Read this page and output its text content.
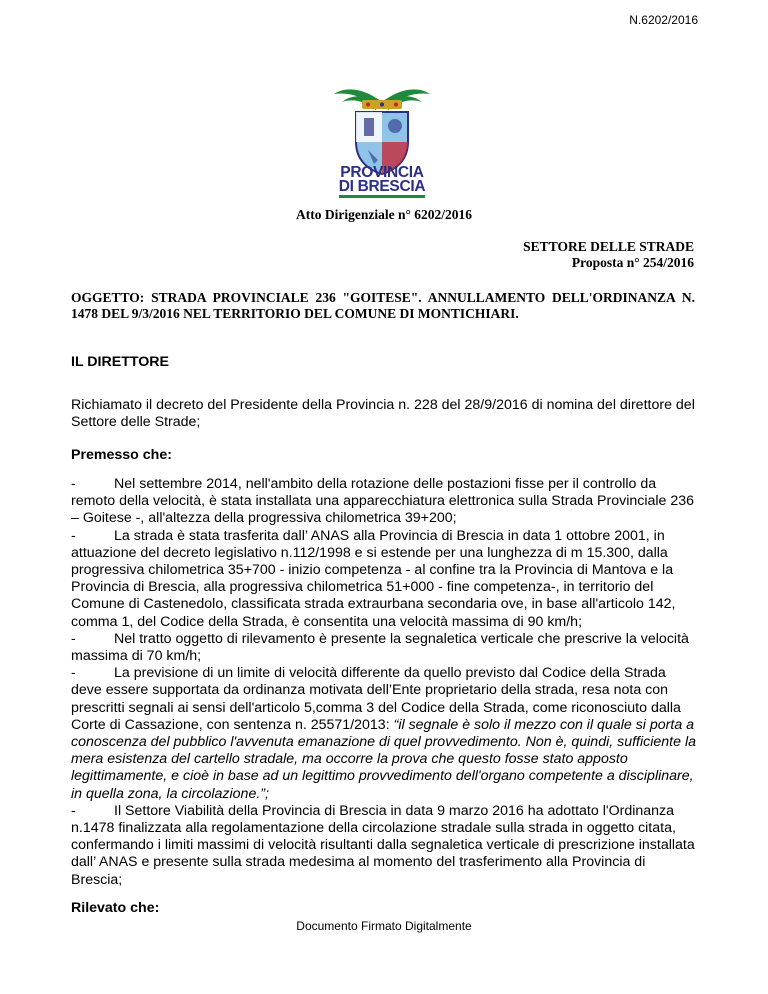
N.6202/2016
PROVINCIA
DI BRESCIA
Atto Dirigenziale n° 6202/2016
SETTORE DELLE STRADE
Proposta n° 254/2016
OGGETTO: STRADA PROVINCIALE 236 "GOITESE". ANNULLAMENTO DELL'ORDINANZA N. 1478 DEL 9/3/2016 NEL TERRITORIO DEL COMUNE DI MONTICHIARI.
IL DIRETTORE
Richiamato il decreto del Presidente della Provincia n. 228 del 28/9/2016 di nomina del direttore del Settore delle Strade;
Premesso che:

-	Nel settembre 2014, nell'ambito della rotazione delle postazioni fisse per il controllo da remoto della velocità, è stata installata una apparecchiatura elettronica sulla Strada Provinciale 236 – Goitese -, all'altezza della progressiva chilometrica 39+200;

-	La strada è stata trasferita dall’ ANAS alla Provincia di Brescia in data 1 ottobre 2001, in attuazione del decreto legislativo n.112/1998 e si estende per una lunghezza di m 15.300, dalla progressiva chilometrica 35+700 - inizio competenza - al confine tra la Provincia di Mantova e la Provincia di Brescia, alla progressiva chilometrica 51+000 - fine competenza-, in territorio del Comune di Castenedolo, classificata strada extraurbana secondaria ove, in base all'articolo 142, comma 1, del Codice della Strada, è consentita una velocità massima di 90 km/h;

-	Nel tratto oggetto di rilevamento è presente la segnaletica verticale che prescrive la velocità massima di 70 km/h;

-	La previsione di un limite di velocità differente da quello previsto dal Codice della Strada deve essere supportata da ordinanza motivata dell’Ente proprietario della strada, resa nota con prescritti segnali ai sensi dell'articolo 5,comma 3 del Codice della Strada, come riconosciuto dalla Corte di Cassazione, con sentenza n. 25571/2013: “il segnale è solo il mezzo con il quale si porta a conoscenza del pubblico l'avvenuta emanazione di quel provvedimento. Non è, quindi, sufficiente la mera esistenza del cartello stradale, ma occorre la prova che questo fosse stato apposto legittimamente, e cioè in base ad un legittimo provvedimento dell'organo competente a disciplinare, in quella zona, la circolazione.”;

-	Il Settore Viabilità della Provincia di Brescia in data 9 marzo 2016 ha adottato l'Ordinanza n.1478 finalizzata alla regolamentazione della circolazione stradale sulla strada in oggetto citata, confermando i limiti massimi di velocità risultanti dalla segnaletica verticale di prescrizione installata dall’ ANAS e presente sulla strada medesima al momento del trasferimento alla Provincia di Brescia;

Rilevato che:
Documento Firmato Digitalmente
